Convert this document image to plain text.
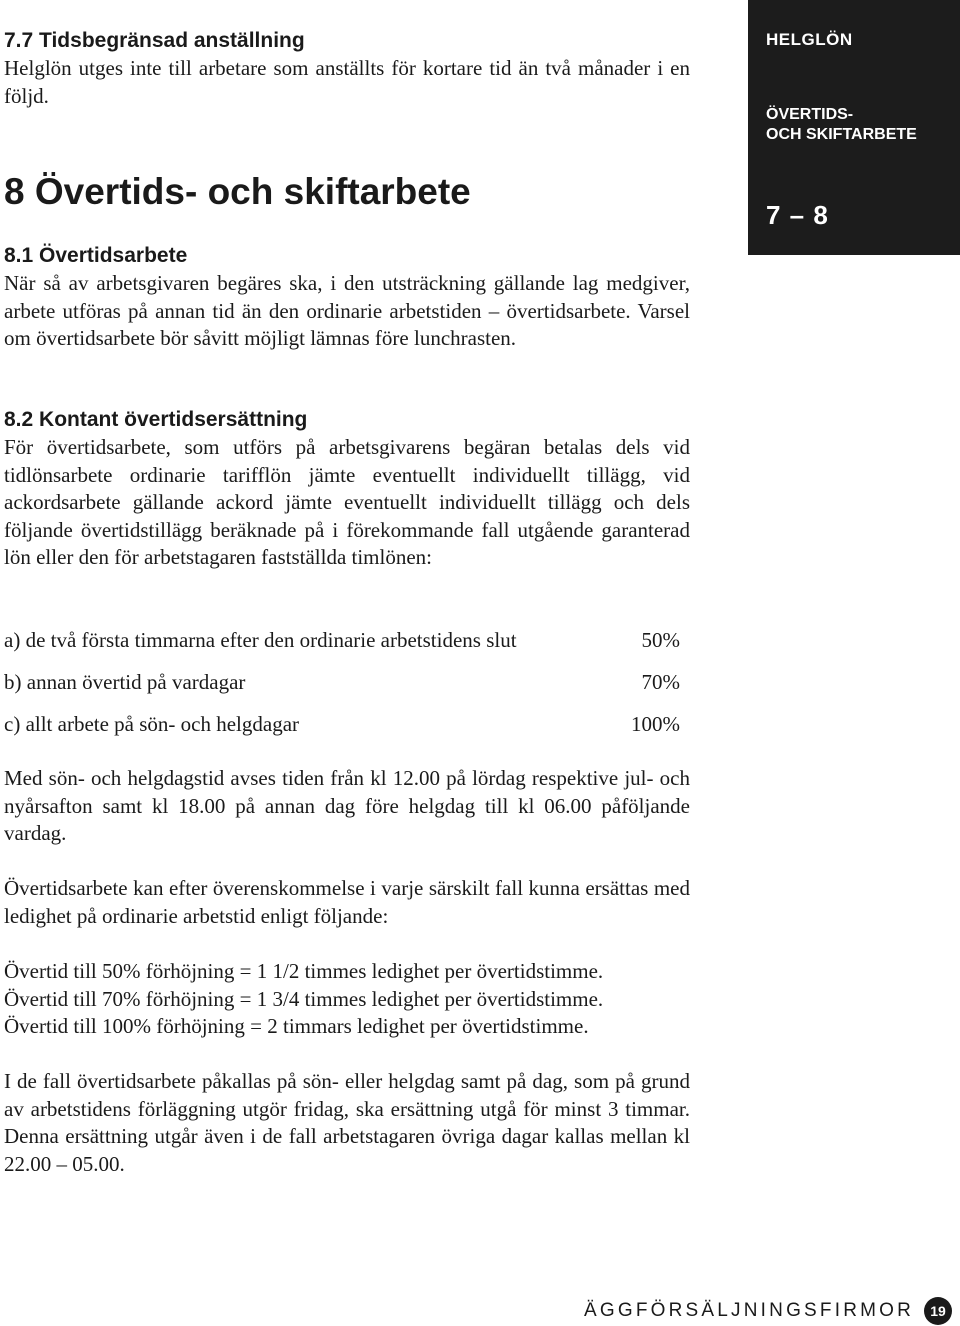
7.7 Tidsbegränsad anställning

Helglön utges inte till arbetare som anställts för kortare tid än två månader i en följd.

8 Övertids- och skiftarbete
8.1 Övertidsarbete

När så av arbetsgivaren begäres ska, i den utsträckning gällande lag medgiver, arbete utföras på annan tid än den ordinarie arbetstiden – övertidsarbete. Varsel om övertidsarbete bör såvitt möjligt lämnas före lunchrasten.

8.2 Kontant övertidsersättning

För övertidsarbete, som utförs på arbetsgivarens begäran betalas dels vid tidlönsarbete ordinarie tarifflön jämte eventuellt individuellt tillägg, vid ackordsarbete gällande ackord jämte eventuellt individuellt tillägg och dels följande övertidstillägg beräknade på i förekommande fall utgående garanterad lön eller den för arbetstagaren fastställda timlönen:

a) de två första timmarna efter den ordinarie arbetstidens slut	50%
b) annan övertid på vardagar	70%
c) allt arbete på sön- och helgdagar	100%

Med sön- och helgdagstid avses tiden från kl 12.00 på lördag respektive jul- och nyårsafton samt kl 18.00 på annan dag före helgdag till kl 06.00 påföljande vardag.

Övertidsarbete kan efter överenskommelse i varje särskilt fall kunna ersättas med ledighet på ordinarie arbetstid enligt följande:

Övertid till 50% förhöjning = 1 1/2 timmes ledighet per övertidstimme.

Övertid till 70% förhöjning = 1 3/4 timmes ledighet per övertidstimme.

Övertid till 100% förhöjning = 2 timmars ledighet per övertidstimme.

I de fall övertidsarbete påkallas på sön- eller helgdag samt på dag, som på grund av arbetstidens förläggning utgör fridag, ska ersättning utgå för minst 3 timmar. Denna ersättning utgår även i de fall arbetstagaren övriga dagar kallas mellan kl 22.00 – 05.00.

HELGLÖN
ÖVERTIDS-
OCH SKIFTARBETE
7 – 8
ÄGGFÖRSÄLJNINGSFIRMOR	19
